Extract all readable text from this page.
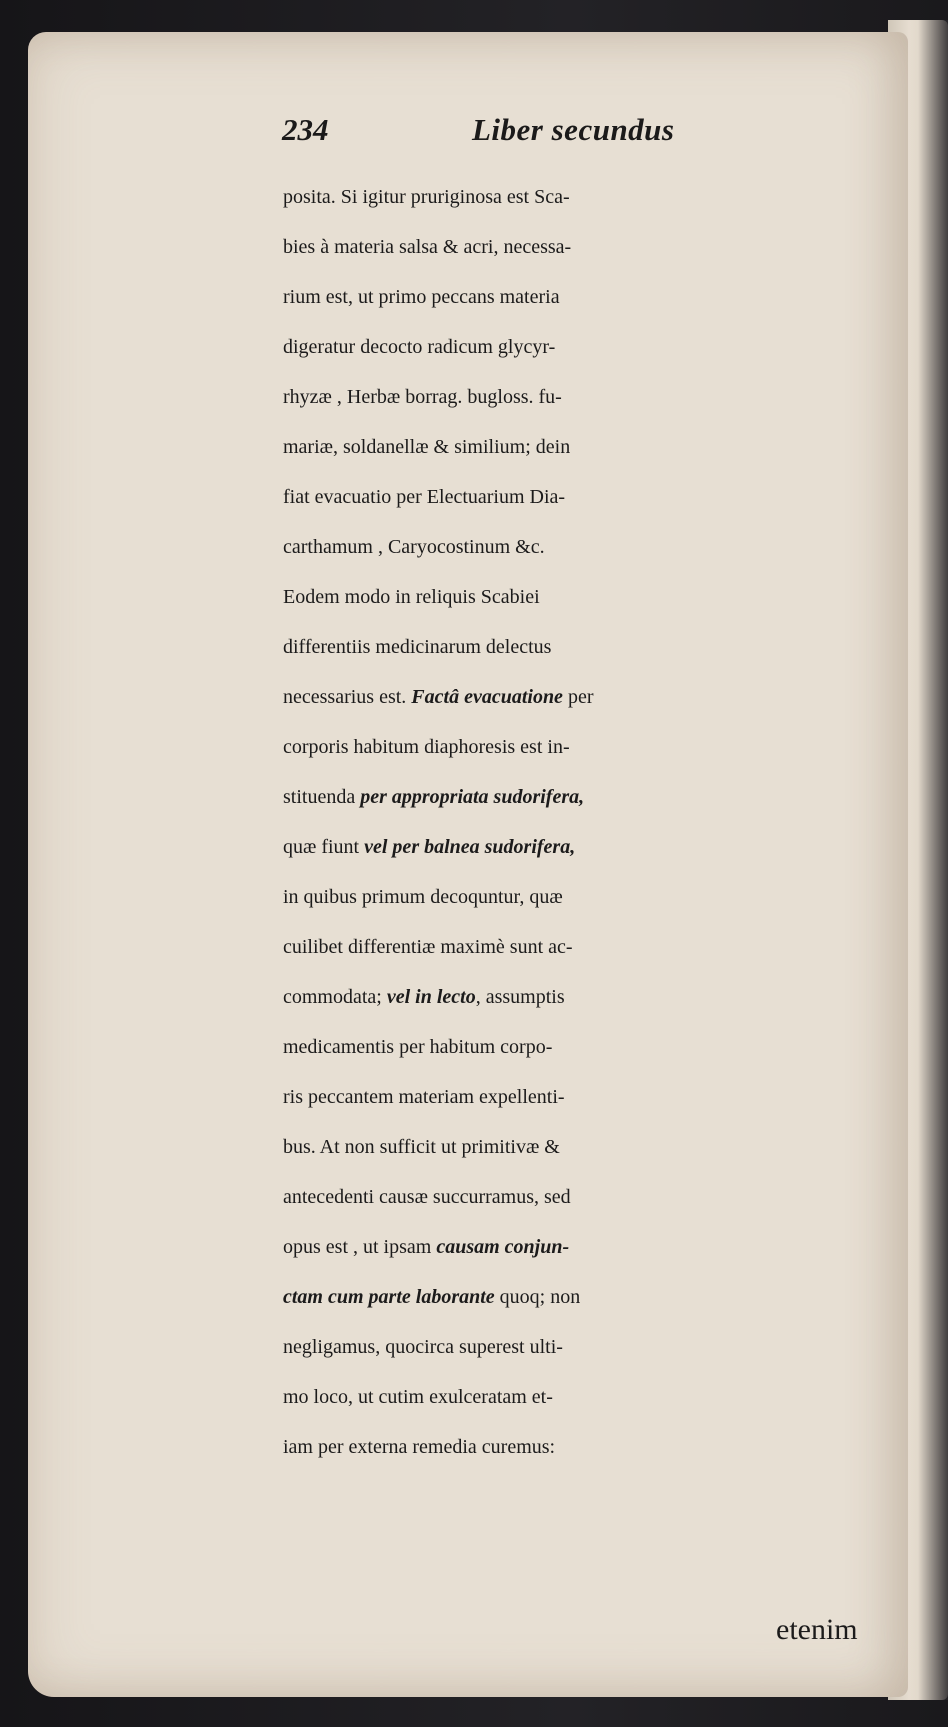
234	Liber secundus
posita. Si igitur pruriginosa est Sca-
bies à materia salsa & acri, necessa-
rium est, ut primo peccans materia
digeratur decocto radicum glycyr-
rhyzæ , Herbæ borrag. bugloss. fu-
mariæ, soldanellæ & similium; dein
fiat evacuatio per Electuarium Dia-
carthamum , Caryocostinum &c.
Eodem modo in reliquis Scabiei
differentiis medicinarum delectus
necessarius est. Factâ evacuatione per
corporis habitum diaphoresis est in-
stituenda per appropriata sudorifera,
quæ fiunt vel per balnea sudorifera,
in quibus primum decoquntur, quæ
cuilibet differentiæ maximè sunt ac-
commodata; vel in lecto, assumptis
medicamentis per habitum corpo-
ris peccantem materiam expellenti-
bus. At non sufficit ut primitivæ &
antecedenti causæ succurramus, sed
opus est , ut ipsam causam conjun-
ctam cum parte laborante quoq; non
negligamus, quocirca superest ulti-
mo loco, ut cutim exulceratam et-
iam per externa remedia curemus:
etenim
